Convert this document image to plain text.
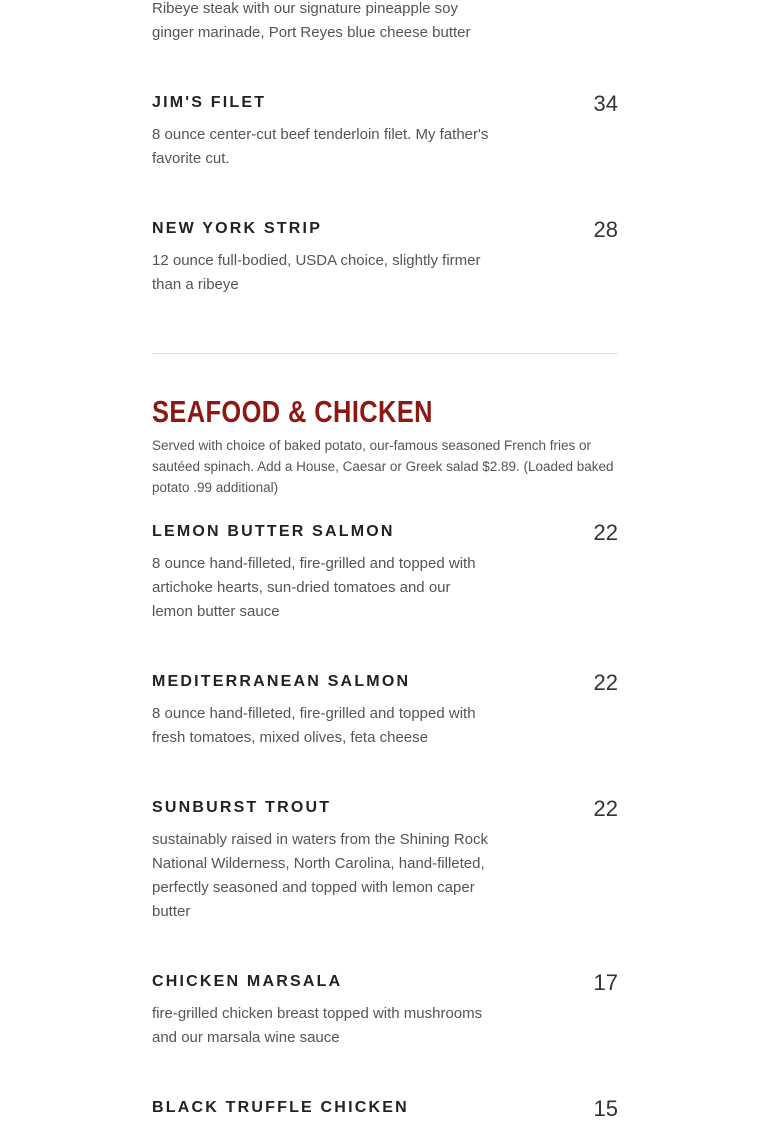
Ribeye steak with our signature pineapple soy ginger marinade, Port Reyes blue cheese butter

JIM'S FILET	34

8 ounce center-cut beef tenderloin filet. My father's favorite cut.

NEW YORK STRIP	28

12 ounce full-bodied, USDA choice, slightly firmer than a ribeye

SEAFOOD & CHICKEN

Served with choice of baked potato, our-famous seasoned French fries or sautéed spinach. Add a House, Caesar or Greek salad $2.89. (Loaded baked potato .99 additional)

LEMON BUTTER SALMON	22

8 ounce hand-filleted, fire-grilled and topped with artichoke hearts, sun-dried tomatoes and our lemon butter sauce

MEDITERRANEAN SALMON	22

8 ounce hand-filleted, fire-grilled and topped with fresh tomatoes, mixed olives, feta cheese

SUNBURST TROUT	22

sustainably raised in waters from the Shining Rock National Wilderness, North Carolina, hand-filleted, perfectly seasoned and topped with lemon caper butter

CHICKEN MARSALA	17

fire-grilled chicken breast topped with mushrooms and our marsala wine sauce

BLACK TRUFFLE CHICKEN	15
